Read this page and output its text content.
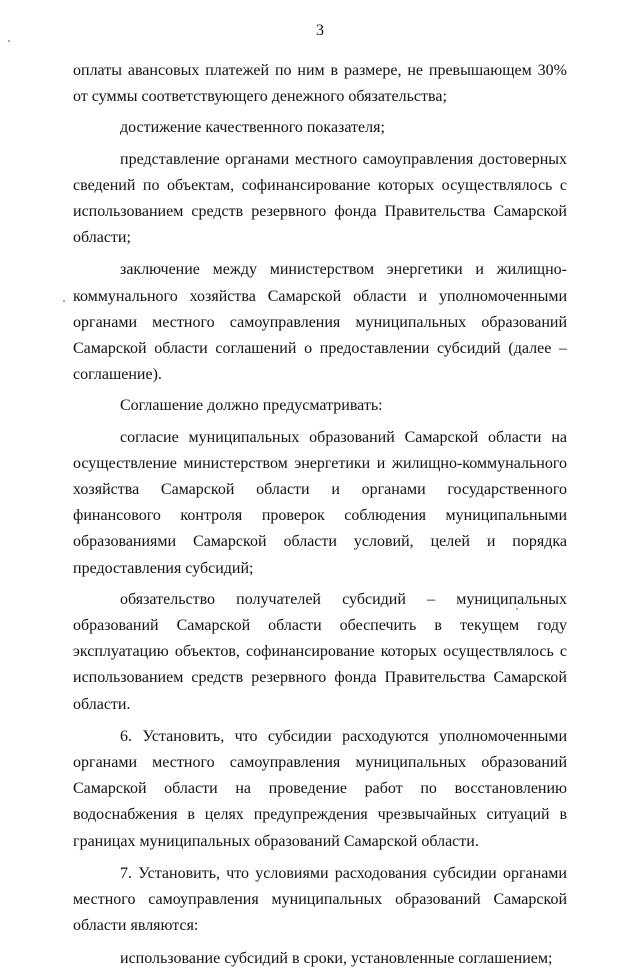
3

оплаты авансовых платежей по ним в размере, не превышающем 30% от суммы соответствующего денежного обязательства;

достижение качественного показателя;

представление органами местного самоуправления достоверных сведений по объектам, софинансирование которых осуществлялось с использованием средств резервного фонда Правительства Самарской области;

заключение между министерством энергетики и жилищно-коммунального хозяйства Самарской области и уполномоченными органами местного самоуправления муниципальных образований Самарской области соглашений о предоставлении субсидий (далее – соглашение).

Соглашение должно предусматривать:

согласие муниципальных образований Самарской области на осуществление министерством энергетики и жилищно-коммунального хозяйства Самарской области и органами государственного финансового контроля проверок соблюдения муниципальными образованиями Самарской области условий, целей и порядка предоставления субсидий;

обязательство получателей субсидий – муниципальных образований Самарской области обеспечить в текущем году эксплуатацию объектов, софинансирование которых осуществлялось с использованием средств резервного фонда Правительства Самарской области.

6. Установить, что субсидии расходуются уполномоченными органами местного самоуправления муниципальных образований Самарской области на проведение работ по восстановлению водоснабжения в целях предупреждения чрезвычайных ситуаций в границах муниципальных образований Самарской области.

7. Установить, что условиями расходования субсидии органами местного самоуправления муниципальных образований Самарской области являются:

использование субсидий в сроки, установленные соглашением;
